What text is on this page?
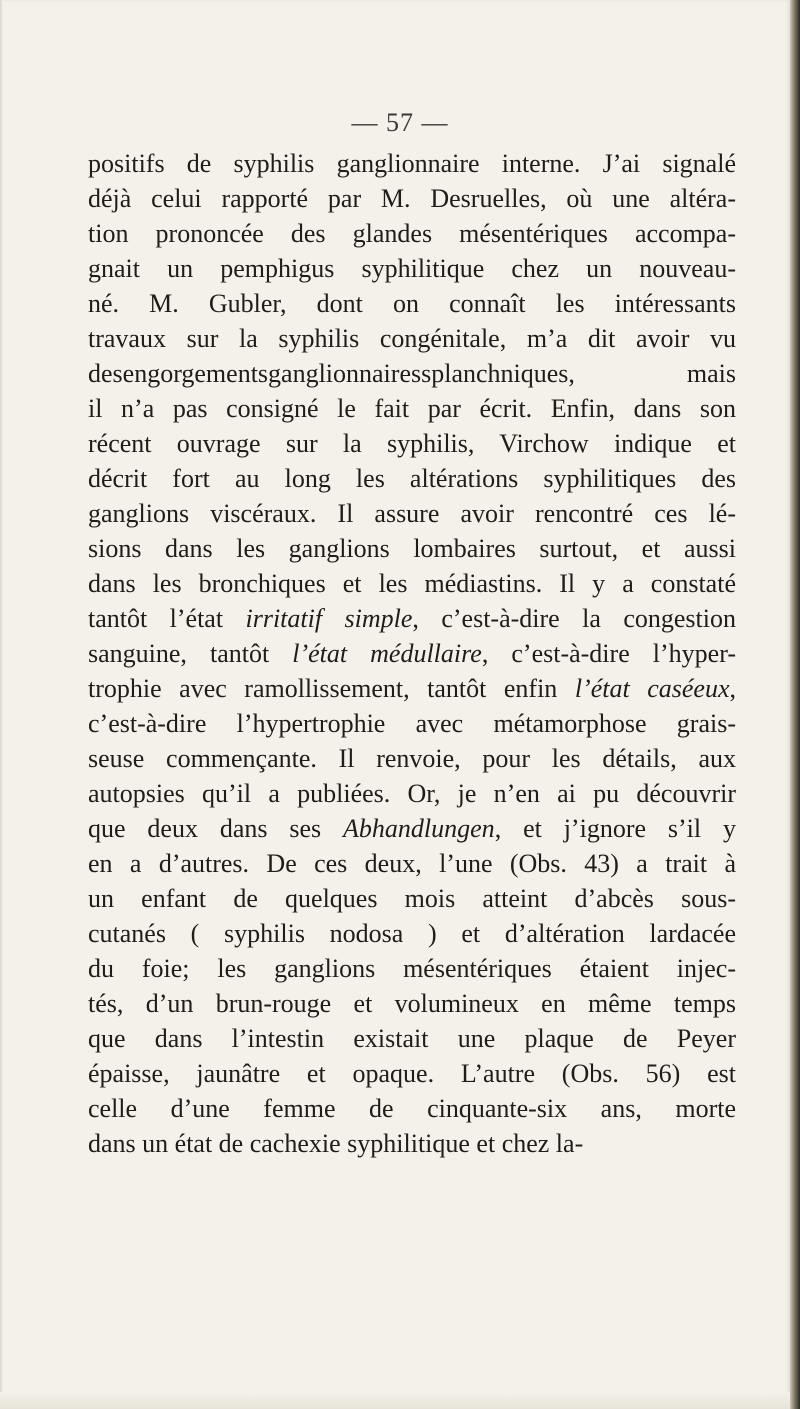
— 57 —
positifs de syphilis ganglionnaire interne. J’ai signalé
déjà celui rapporté par M. Desruelles, où une altéra-
tion prononcée des glandes mésentériques accompa-
gnait un pemphigus syphilitique chez un nouveau-
né. M. Gubler, dont on connaît les intéressants
travaux sur la syphilis congénitale, m’a dit avoir vu
desengorgementsganglionnairessplanchniques, mais
il n’a pas consigné le fait par écrit. Enfin, dans son
récent ouvrage sur la syphilis, Virchow indique et
décrit fort au long les altérations syphilitiques des
ganglions viscéraux. Il assure avoir rencontré ces lé-
sions dans les ganglions lombaires surtout, et aussi
dans les bronchiques et les médiastins. Il y a constaté
tantôt l’état irritatif simple, c’est-à-dire la congestion
sanguine, tantôt l’état médullaire, c’est-à-dire l’hyper-
trophie avec ramollissement, tantôt enfin l’état caséeux,
c’est-à-dire l’hypertrophie avec métamorphose grais-
seuse commençante. Il renvoie, pour les détails, aux
autopsies qu’il a publiées. Or, je n’en ai pu découvrir
que deux dans ses Abhandlungen, et j’ignore s’il y
en a d’autres. De ces deux, l’une (Obs. 43) a trait à
un enfant de quelques mois atteint d’abcès sous-
cutanés ( syphilis nodosa ) et d’altération lardacée
du foie; les ganglions mésentériques étaient injec-
tés, d’un brun-rouge et volumineux en même temps
que dans l’intestin existait une plaque de Peyer
épaisse, jaunâtre et opaque. L’autre (Obs. 56) est
celle d’une femme de cinquante-six ans, morte
dans un état de cachexie syphilitique et chez la-
